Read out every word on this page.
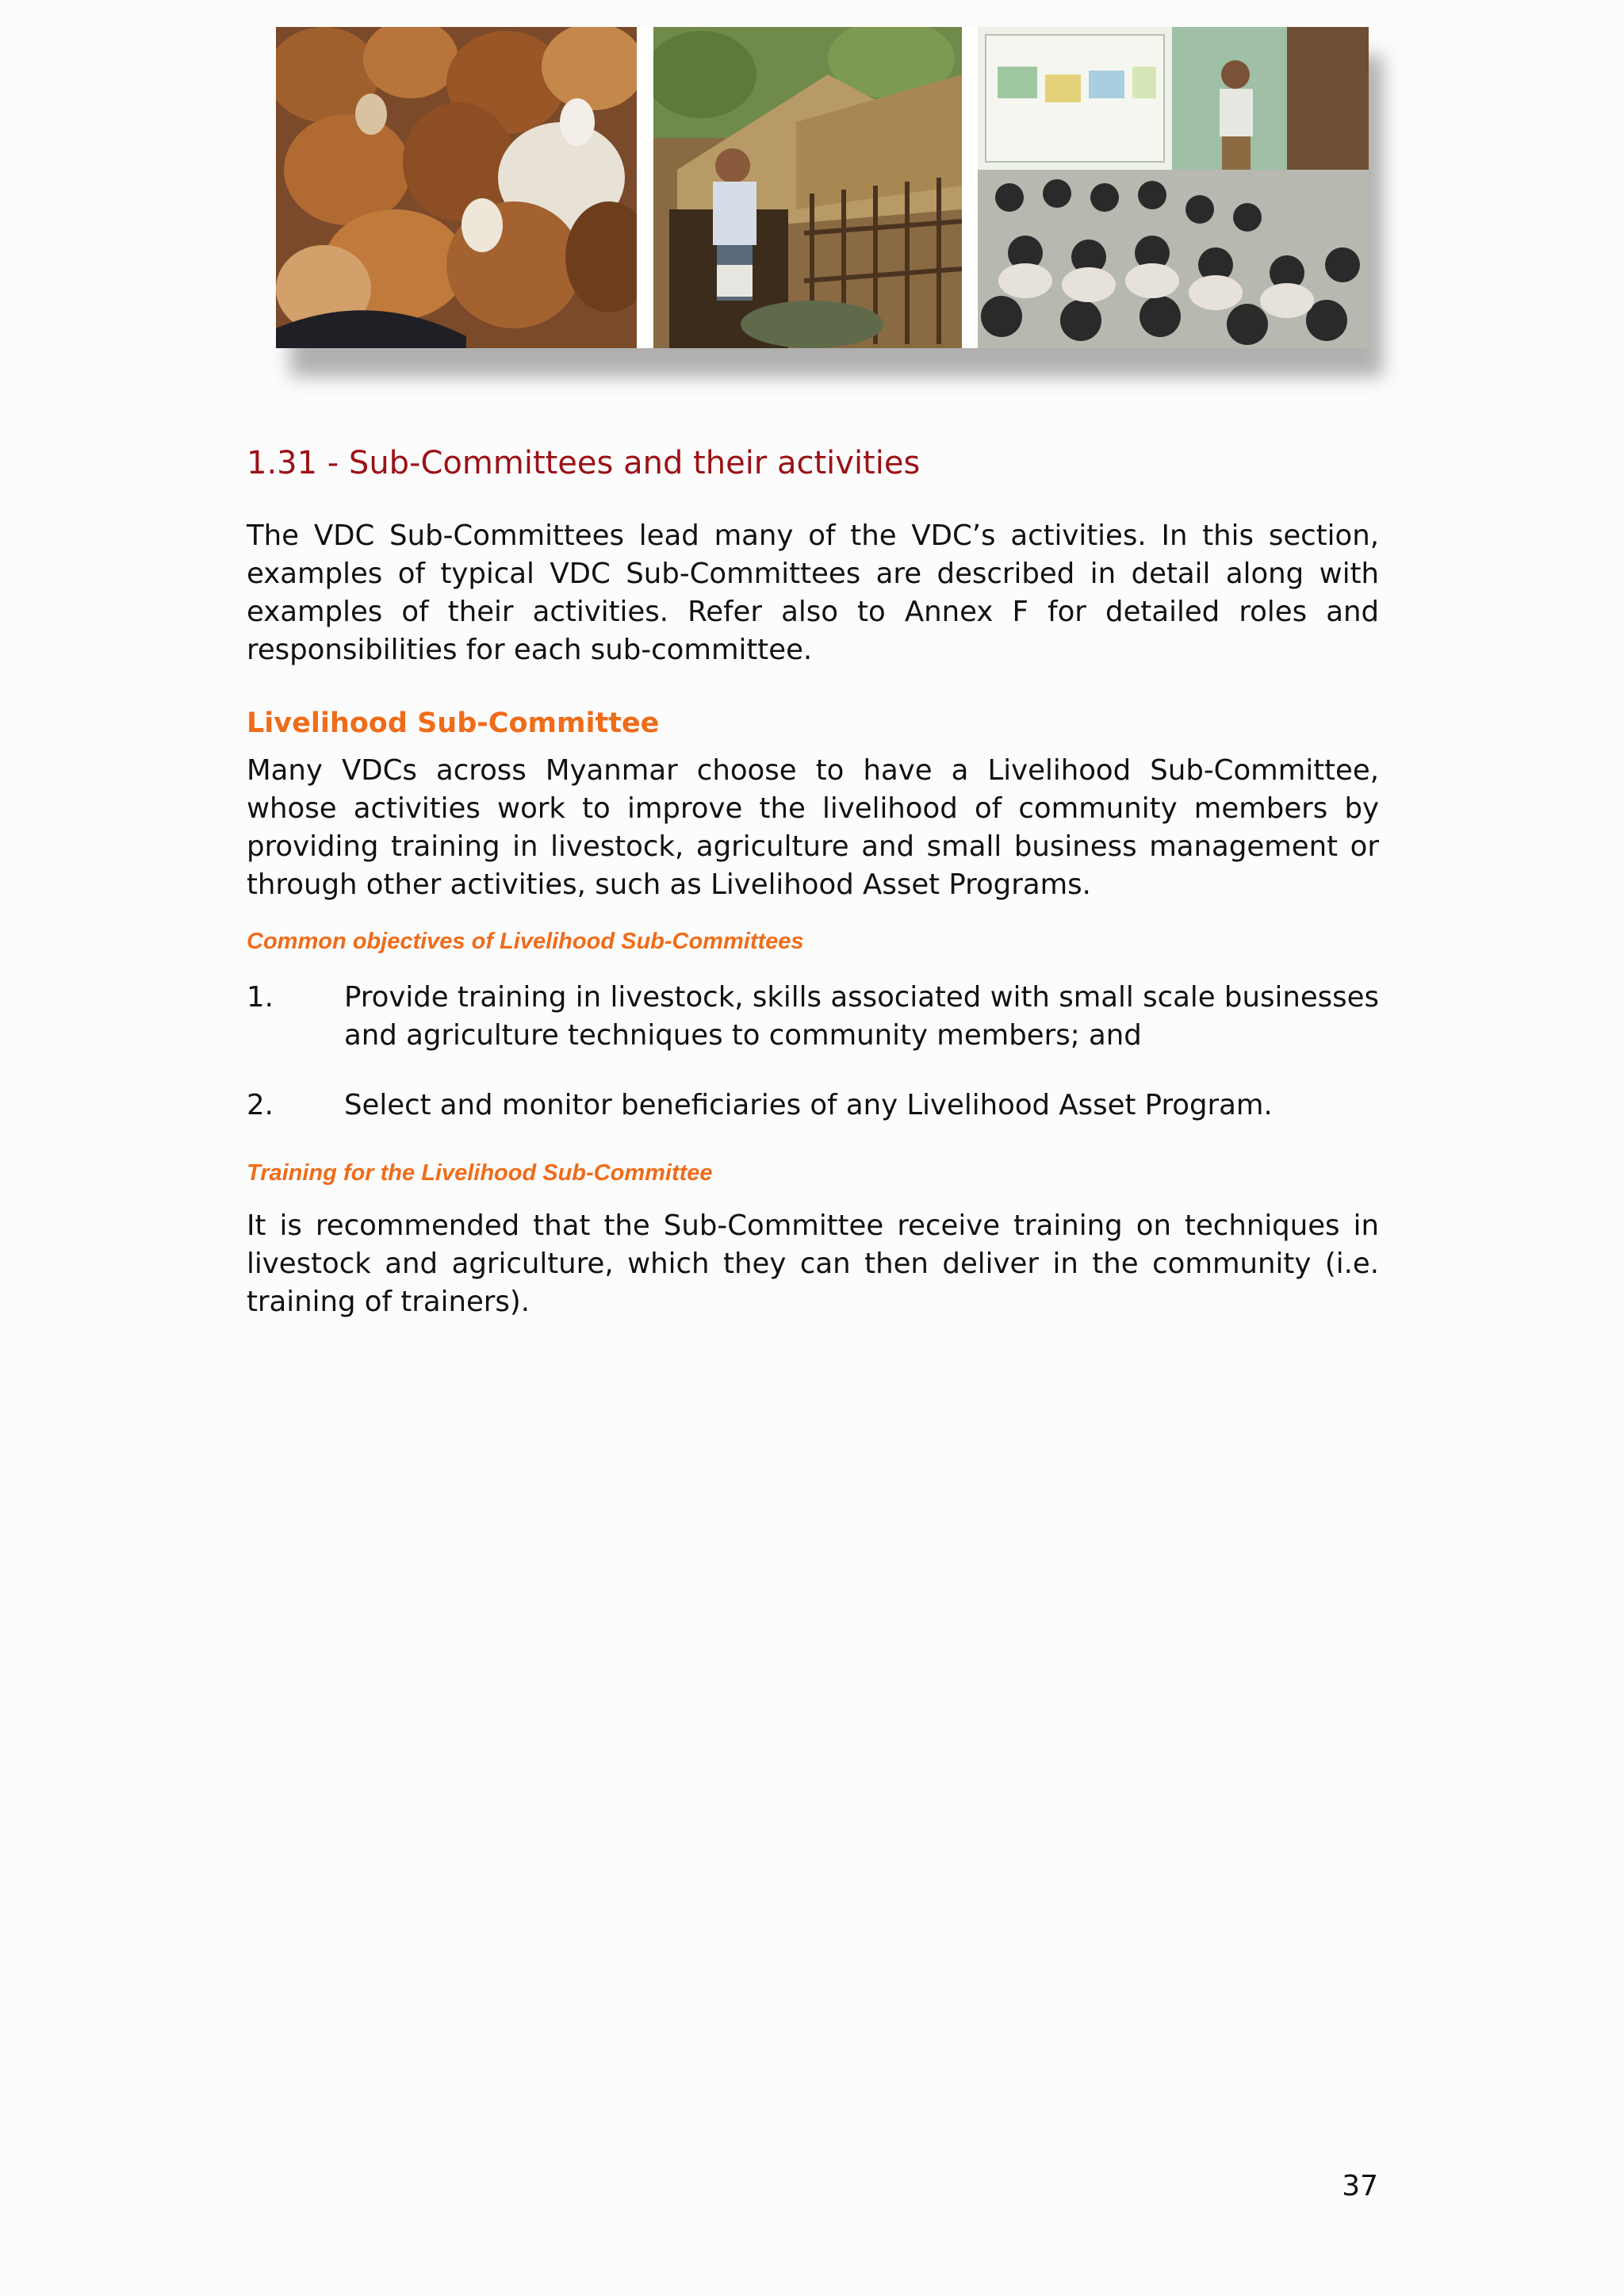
1.31 - Sub-Committees and their activities

The VDC Sub-Committees lead many of the VDC’s activities. In this section, examples of typical VDC Sub-Committees are described in detail along with examples of their activities. Refer also to Annex F for detailed roles and responsibilities for each sub-committee.

Livelihood Sub-Committee

Many VDCs across Myanmar choose to have a Livelihood Sub-Committee, whose activities work to improve the livelihood of community members by providing training in livestock, agriculture and small business management or through other activities, such as Livelihood Asset Programs.

Common objectives of Livelihood Sub-Committees
1.	Provide training in livestock, skills associated with small scale businesses and agriculture techniques to community members; and
2.	Select and monitor beneficiaries of any Livelihood Asset Program.
Training for the Livelihood Sub-Committee

It is recommended that the Sub-Committee receive training on techniques in livestock and agriculture, which they can then deliver in the community (i.e. training of trainers).

37
